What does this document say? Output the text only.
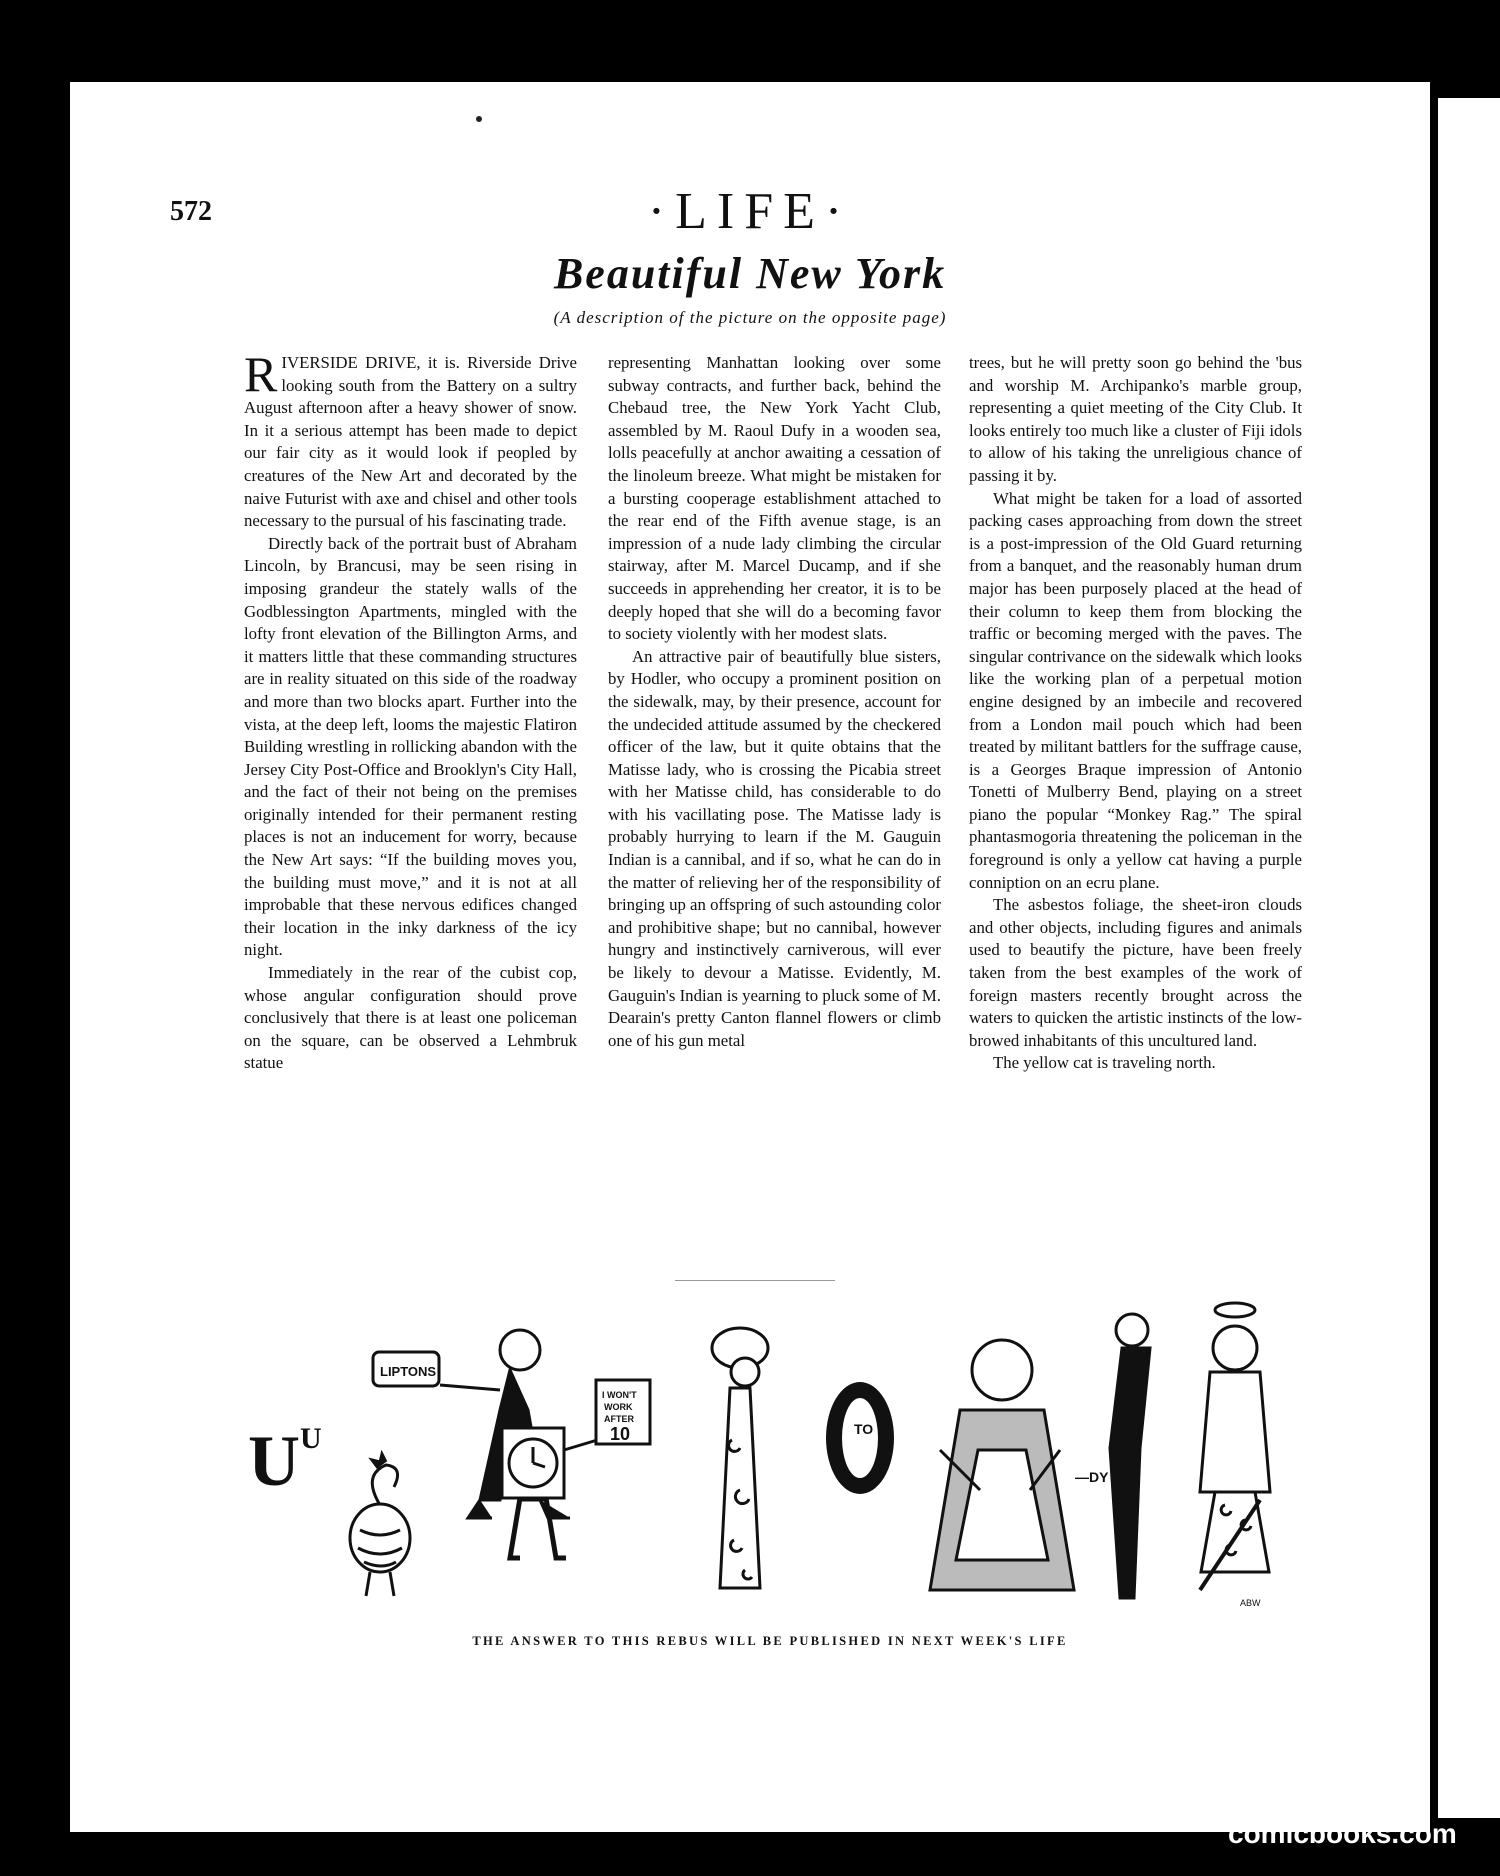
572	·LIFE·
Beautiful New York
(A description of the picture on the opposite page)

RIVERSIDE DRIVE, it is. Riverside Drive looking south from the Battery on a sultry August afternoon after a heavy shower of snow. In it a serious attempt has been made to depict our fair city as it would look if peopled by creatures of the New Art and decorated by the naive Futurist with axe and chisel and other tools necessary to the pursual of his fascinating trade.

Directly back of the portrait bust of Abraham Lincoln, by Brancusi, may be seen rising in imposing grandeur the stately walls of the Godblessington Apartments, mingled with the lofty front elevation of the Billington Arms, and it matters little that these commanding structures are in reality situated on this side of the roadway and more than two blocks apart. Further into the vista, at the deep left, looms the majestic Flatiron Building wrestling in rollicking abandon with the Jersey City Post-Office and Brooklyn's City Hall, and the fact of their not being on the premises originally intended for their permanent resting places is not an inducement for worry, because the New Art says: “If the building moves you, the building must move,” and it is not at all improbable that these nervous edifices changed their location in the inky darkness of the icy night.

Immediately in the rear of the cubist cop, whose angular configuration should prove conclusively that there is at least one policeman on the square, can be observed a Lehmbruk statue

representing Manhattan looking over some subway contracts, and further back, behind the Chebaud tree, the New York Yacht Club, assembled by M. Raoul Dufy in a wooden sea, lolls peacefully at anchor awaiting a cessation of the linoleum breeze. What might be mistaken for a bursting cooperage establishment attached to the rear end of the Fifth avenue stage, is an impression of a nude lady climbing the circular stairway, after M. Marcel Ducamp, and if she succeeds in apprehending her creator, it is to be deeply hoped that she will do a becoming favor to society violently with her modest slats.

An attractive pair of beautifully blue sisters, by Hodler, who occupy a prominent position on the sidewalk, may, by their presence, account for the undecided attitude assumed by the checkered officer of the law, but it quite obtains that the Matisse lady, who is crossing the Picabia street with her Matisse child, has considerable to do with his vacillating pose. The Matisse lady is probably hurrying to learn if the M. Gauguin Indian is a cannibal, and if so, what he can do in the matter of relieving her of the responsibility of bringing up an offspring of such astounding color and prohibitive shape; but no cannibal, however hungry and instinctively carniverous, will ever be likely to devour a Matisse. Evidently, M. Gauguin's Indian is yearning to pluck some of M. Dearain's pretty Canton flannel flowers or climb one of his gun metal

trees, but he will pretty soon go behind the 'bus and worship M. Archipanko's marble group, representing a quiet meeting of the City Club. It looks entirely too much like a cluster of Fiji idols to allow of his taking the unreligious chance of passing it by.

What might be taken for a load of assorted packing cases approaching from down the street is a post-impression of the Old Guard returning from a banquet, and the reasonably human drum major has been purposely placed at the head of their column to keep them from blocking the traffic or becoming merged with the paves. The singular contrivance on the sidewalk which looks like the working plan of a perpetual motion engine designed by an imbecile and recovered from a London mail pouch which had been treated by militant battlers for the suffrage cause, is a Georges Braque impression of Antonio Tonetti of Mulberry Bend, playing on a street piano the popular “Monkey Rag.” The spiral phantasmogoria threatening the policeman in the foreground is only a yellow cat having a purple conniption on an ecru plane.

The asbestos foliage, the sheet-iron clouds and other objects, including figures and animals used to beautify the picture, have been freely taken from the best examples of the work of foreign masters recently brought across the waters to quicken the artistic instincts of the low-browed inhabitants of this uncultured land.

The yellow cat is traveling north.

U U
LIPTONS
I WON'T
WORK
AFTER
10	TO
—DY
ABW
THE ANSWER TO THIS REBUS WILL BE PUBLISHED IN NEXT WEEK'S LIFE
comicbooks.com
